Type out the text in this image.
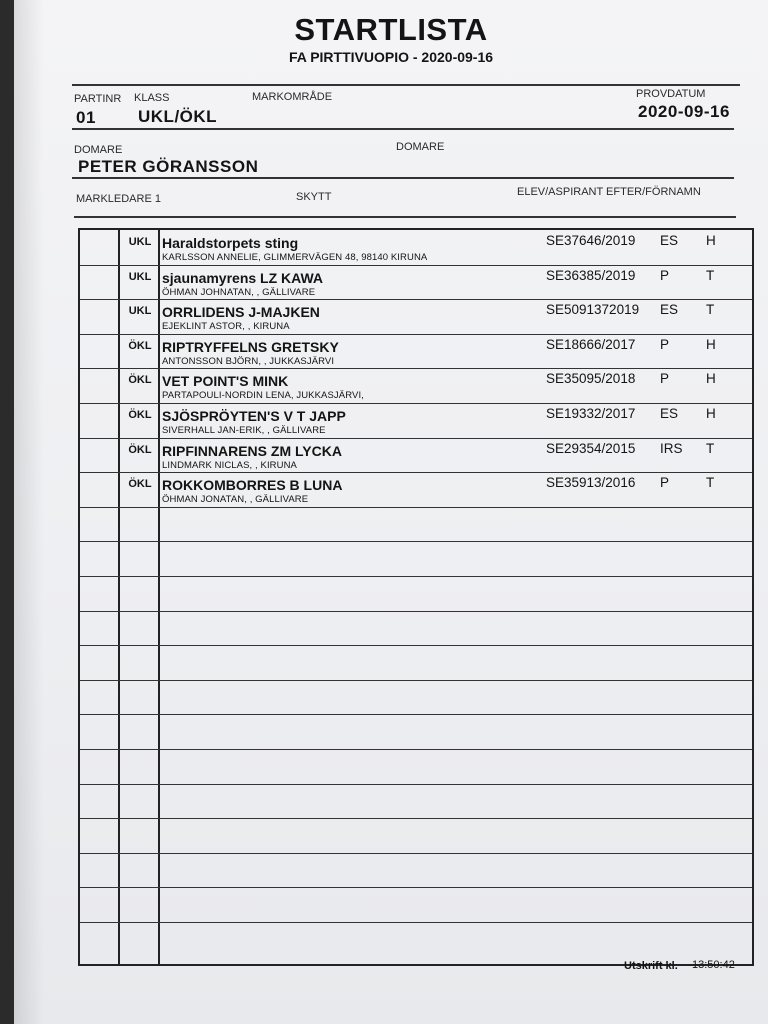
STARTLISTA
FA PIRTTIVUOPIO - 2020-09-16
PARTINR KLASS	MARKOMRÅDE	PROVDATUM
01 UKL/ÖKL	2020-09-16
DOMARE	DOMARE
PETER GÖRANSSON
MARKLEDARE 1	SKYTT	ELEV/ASPIRANT EFTER/FÖRNAMN
UKL Haraldstorpets sting
KARLSSON ANNELIE, GLIMMERVÄGEN 48, 98140 KIRUNA
SE37646/2019 ES H
UKL sjaunamyrens LZ KAWA
ÖHMAN JOHNATAN, , GÄLLIVARE
SE36385/2019 P	T
UKL ORRLIDENS J-MAJKEN
EJEKLINT ASTOR, , KIRUNA
SE5091372019 ES T
ÖKL RIPTRYFFELNS GRETSKY
ANTONSSON BJÖRN, , JUKKASJÄRVI
SE18666/2017 P	H
ÖKL VET POINT'S MINK
PARTAPOULI-NORDIN LENA, JUKKASJÄRVI,
SE35095/2018 P	H
ÖKL SJÖSPRÖYTEN'S V T JAPP
SIVERHALL JAN-ERIK, , GÄLLIVARE
SE19332/2017 ES H
ÖKL RIPFINNARENS ZM LYCKA
LINDMARK NICLAS, , KIRUNA
SE29354/2015 IRS T
ÖKL ROKKOMBORRES B LUNA
ÖHMAN JONATAN, , GÄLLIVARE
SE35913/2016 P	T
Utskrift kl. 13:50:42
